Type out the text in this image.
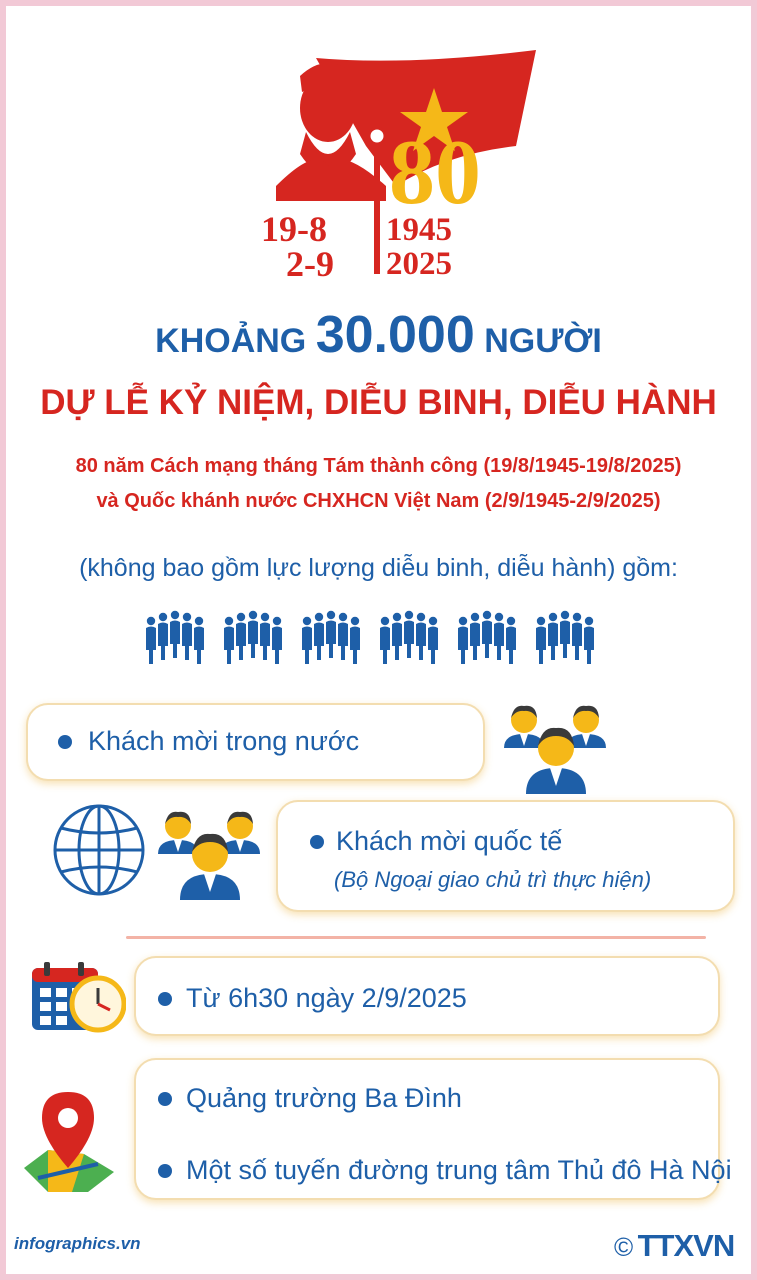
80
19-8
2-9
1945
2025
KHOẢNG 30.000 NGƯỜI
DỰ LỄ KỶ NIỆM, DIỄU BINH, DIỄU HÀNH
80 năm Cách mạng tháng Tám thành công (19/8/1945-19/8/2025)
và Quốc khánh nước CHXHCN Việt Nam (2/9/1945-2/9/2025)
(không bao gồm lực lượng diễu binh, diễu hành) gồm:
Khách mời trong nước
Khách mời quốc tế
(Bộ Ngoại giao chủ trì thực hiện)
Từ 6h30 ngày 2/9/2025
Quảng trường Ba Đình
Một số tuyến đường trung tâm Thủ đô Hà Nội
infographics.vn	© TTXVN
